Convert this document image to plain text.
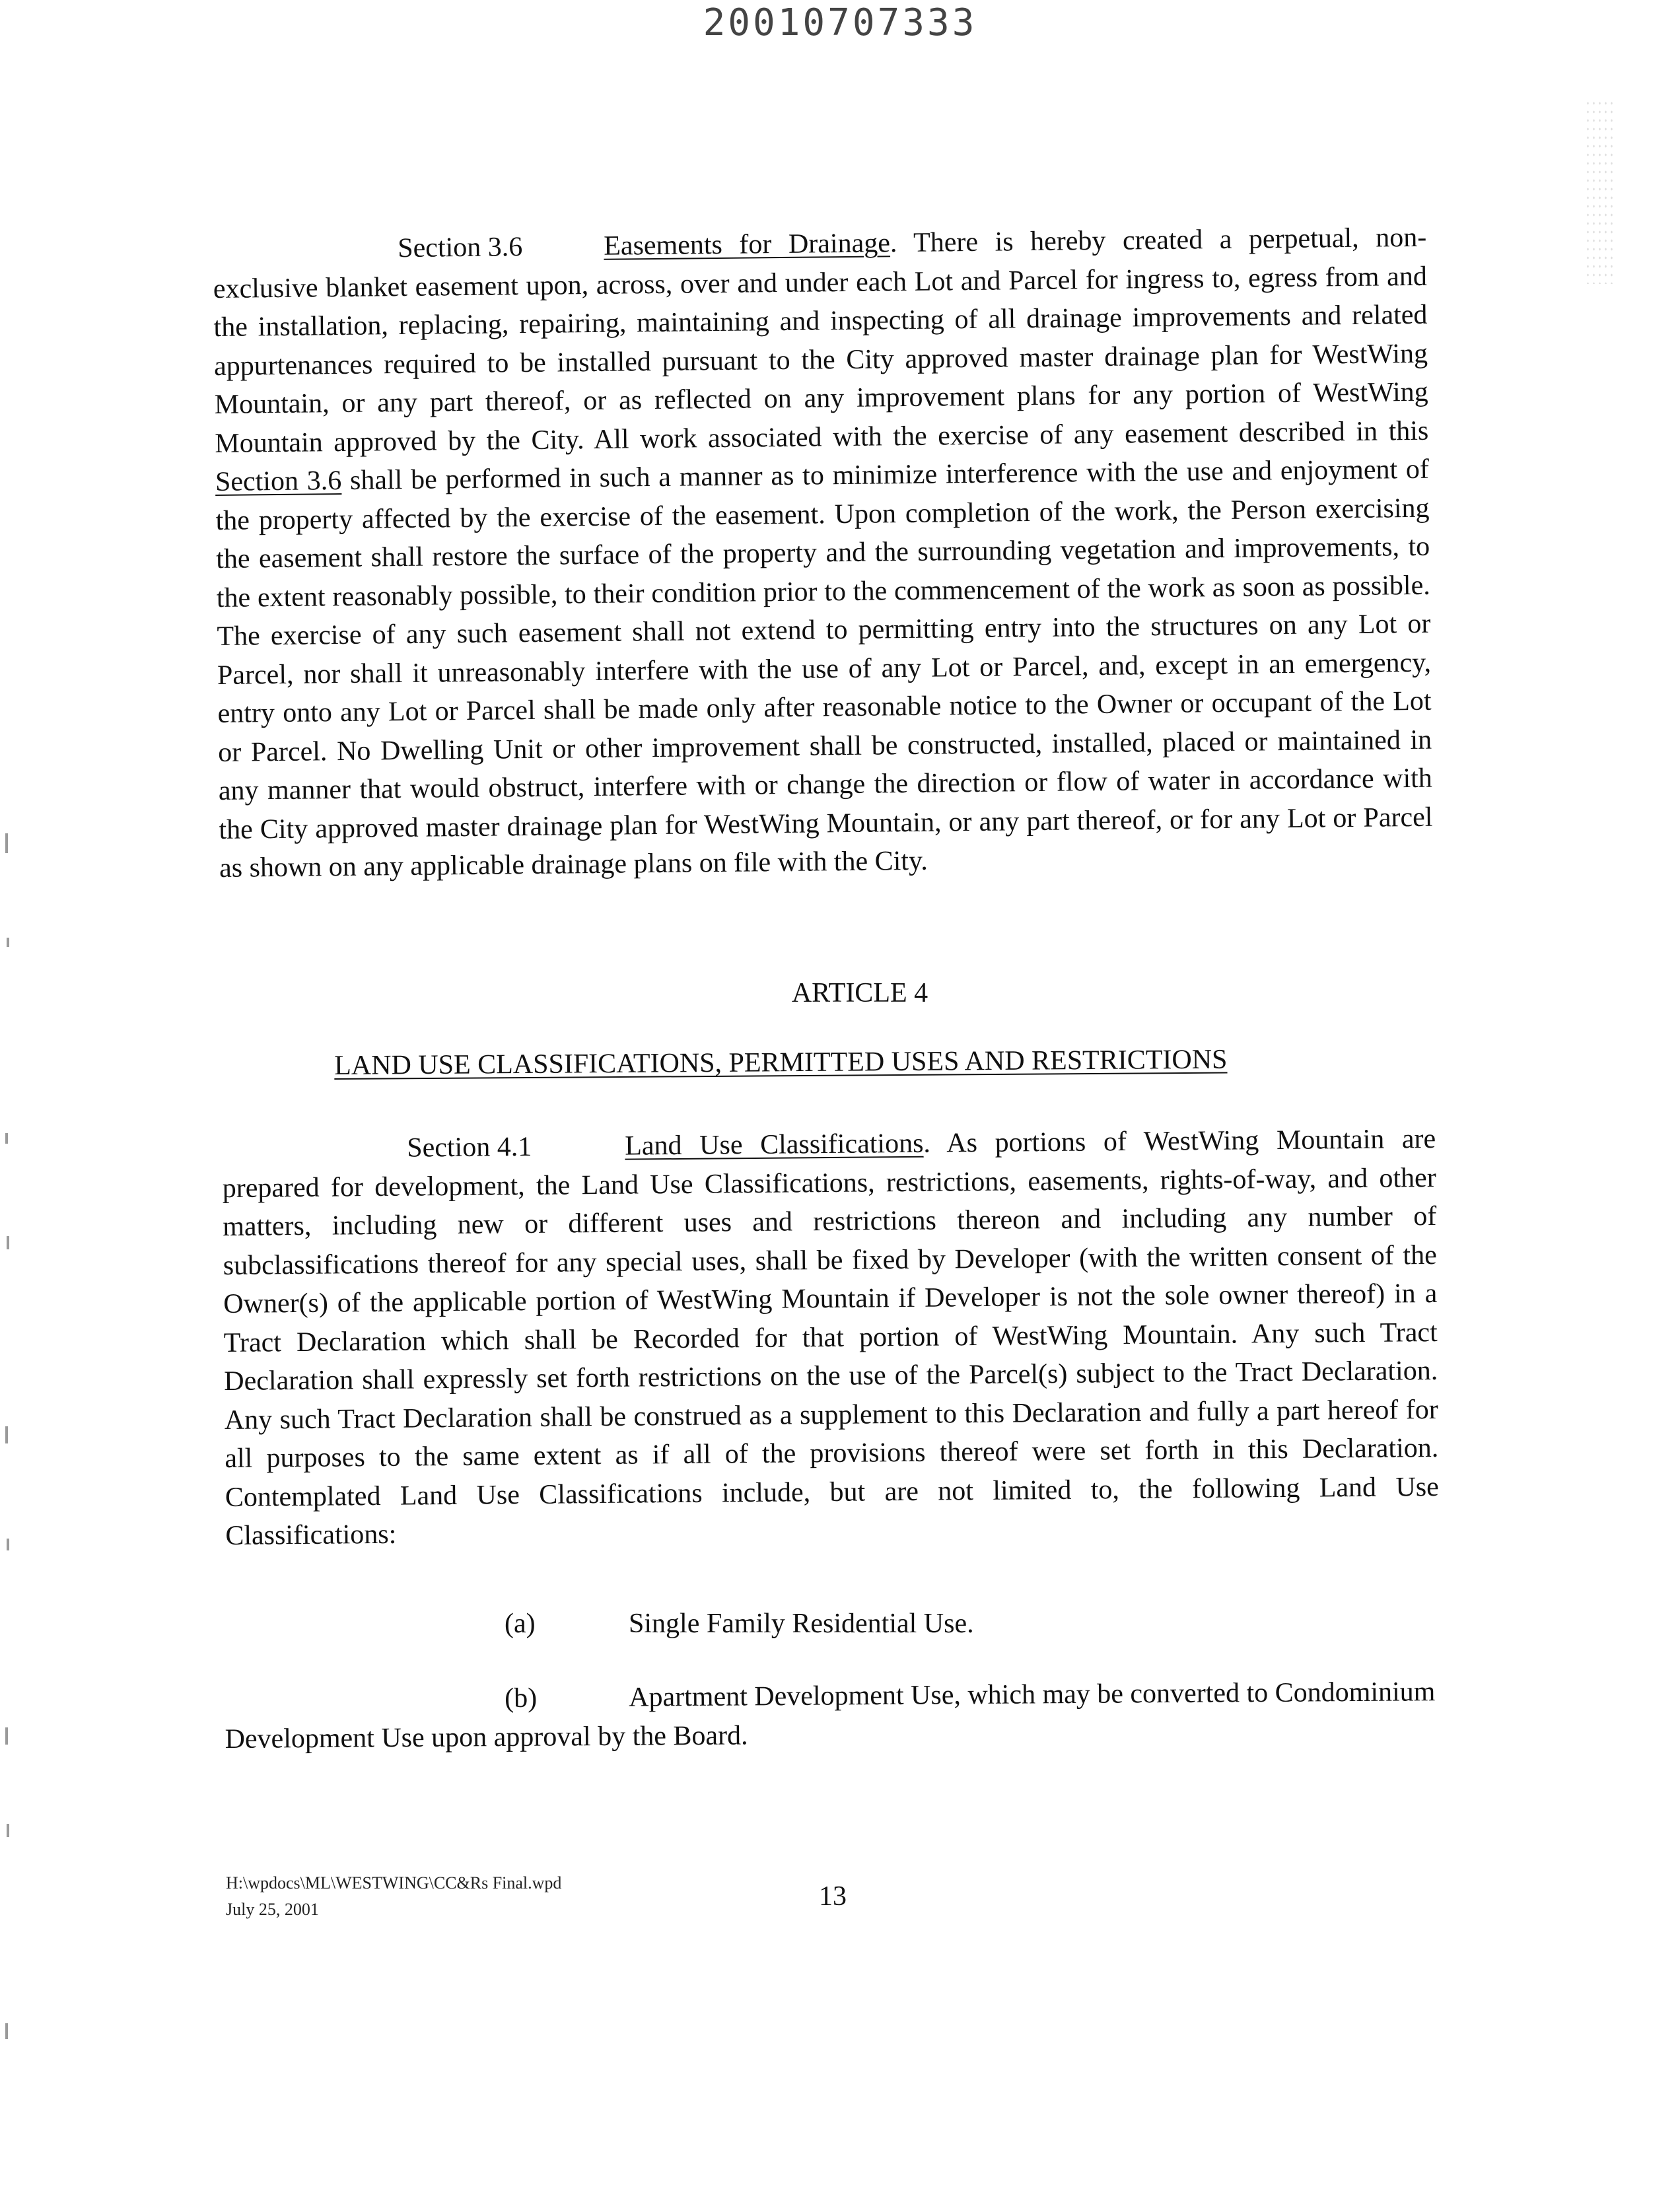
20010707333
Section 3.6	Easements for Drainage. There is hereby created a perpetual, non-exclusive blanket easement upon, across, over and under each Lot and Parcel for ingress to, egress from and the installation, replacing, repairing, maintaining and inspecting of all drainage improvements and related appurtenances required to be installed pursuant to the City approved master drainage plan for WestWing Mountain, or any part thereof, or as reflected on any improvement plans for any portion of WestWing Mountain approved by the City. All work associated with the exercise of any easement described in this Section 3.6 shall be performed in such a manner as to minimize interference with the use and enjoyment of the property affected by the exercise of the easement. Upon completion of the work, the Person exercising the easement shall restore the surface of the property and the surrounding vegetation and improvements, to the extent reasonably possible, to their condition prior to the commencement of the work as soon as possible. The exercise of any such easement shall not extend to permitting entry into the structures on any Lot or Parcel, nor shall it unreasonably interfere with the use of any Lot or Parcel, and, except in an emergency, entry onto any Lot or Parcel shall be made only after reasonable notice to the Owner or occupant of the Lot or Parcel. No Dwelling Unit or other improvement shall be constructed, installed, placed or maintained in any manner that would obstruct, interfere with or change the direction or flow of water in accordance with the City approved master drainage plan for WestWing Mountain, or any part thereof, or for any Lot or Parcel as shown on any applicable drainage plans on file with the City.
ARTICLE 4
LAND USE CLASSIFICATIONS, PERMITTED USES AND RESTRICTIONS
Section 4.1	Land Use Classifications. As portions of WestWing Mountain are prepared for development, the Land Use Classifications, restrictions, easements, rights-of-way, and other matters, including new or different uses and restrictions thereon and including any number of subclassifications thereof for any special uses, shall be fixed by Developer (with the written consent of the Owner(s) of the applicable portion of WestWing Mountain if Developer is not the sole owner thereof) in a Tract Declaration which shall be Recorded for that portion of WestWing Mountain. Any such Tract Declaration shall expressly set forth restrictions on the use of the Parcel(s) subject to the Tract Declaration. Any such Tract Declaration shall be construed as a supplement to this Declaration and fully a part hereof for all purposes to the same extent as if all of the provisions thereof were set forth in this Declaration. Contemplated Land Use Classifications include, but are not limited to, the following Land Use Classifications:
(a)	Single Family Residential Use.
(b)	Apartment Development Use, which may be converted to Condominium Development Use upon approval by the Board.
H:\wpdocs\ML\WESTWING\CC&Rs Final.wpd
July 25, 2001	13
